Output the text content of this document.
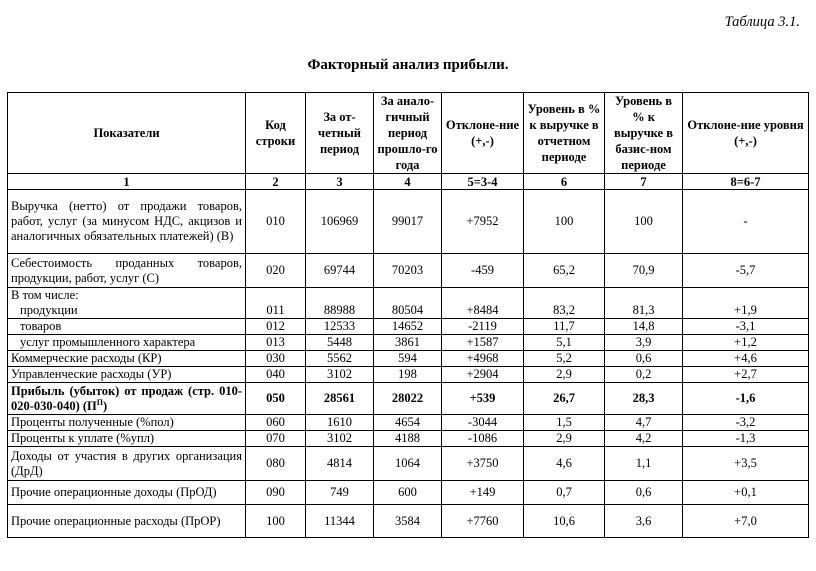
Таблица 3.1.
Факторный анализ прибыли.
Показатели	Код строки	За от-четный период	За анало-гичный период прошло-го года	Отклоне-ние (+,-)	Уровень в % к выручке в отчетном периоде	Уровень в % к выручке в базис-ном периоде	Отклоне-ние уровня (+,-)
1	2	3	4	5=3-4	6	7	8=6-7
Выручка (нетто) от продажи товаров, работ, услуг (за минусом НДС, акцизов и аналогичных обязательных платежей) (В)	010	106969	99017	+7952	100	100	-
Себестоимость проданных товаров, продукции, работ, услуг (С)	020	69744	70203	-459	65,2	70,9	-5,7

В том числе:
продукции	011	88988	80504	+8484	83,2	81,3	+1,9
товаров	012	12533	14652	-2119	11,7	14,8	-3,1
услуг промышленного характера	013	5448	3861	+1587	5,1	3,9	+1,2
Коммерческие расходы (КР)	030	5562	594	+4968	5,2	0,6	+4,6
Управленческие расходы (УР)	040	3102	198	+2904	2,9	0,2	+2,7
Прибыль (убыток) от продаж (стр. 010-020-030-040) $(П^П)$	050	28561	28022	+539	26,7	28,3	-1,6
Проценты полученные (%пол)	060	1610	4654	-3044	1,5	4,7	-3,2
Проценты к уплате (%упл)	070	3102	4188	-1086	2,9	4,2	-1,3
Доходы от участия в других организация (ДрД)	080	4814	1064	+3750	4,6	1,1	+3,5
Прочие операционные доходы (ПрОД)	090	749	600	+149	0,7	0,6	+0,1
Прочие операционные расходы (ПрОР)	100	11344	3584	+7760	10,6	3,6	+7,0
